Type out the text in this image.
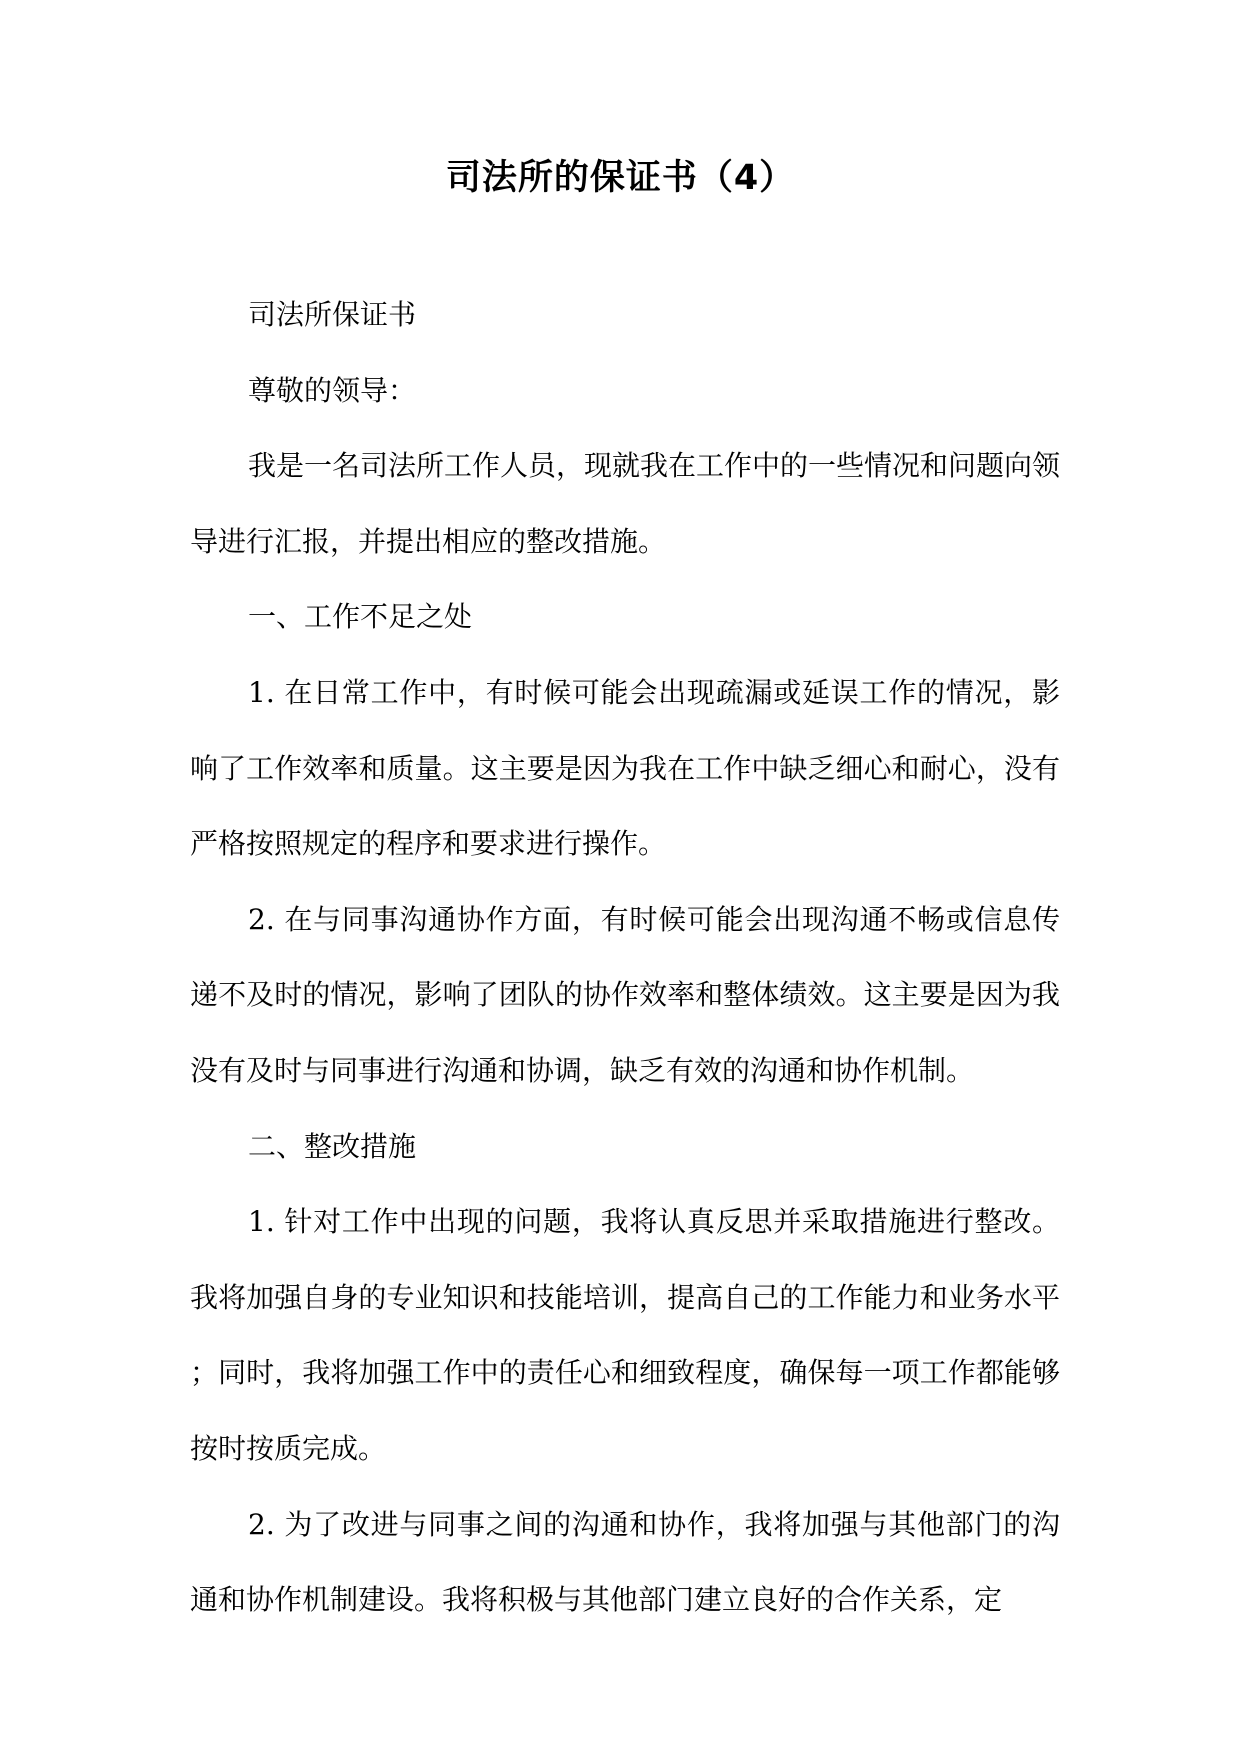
司法所的保证书（4）

司法所保证书

尊敬的领导：

我是一名司法所工作人员，现就我在工作中的一些情况和问题向领导进行汇报，并提出相应的整改措施。

一、工作不足之处

1. 在日常工作中，有时候可能会出现疏漏或延误工作的情况，影响了工作效率和质量。这主要是因为我在工作中缺乏细心和耐心，没有严格按照规定的程序和要求进行操作。

2. 在与同事沟通协作方面，有时候可能会出现沟通不畅或信息传递不及时的情况，影响了团队的协作效率和整体绩效。这主要是因为我没有及时与同事进行沟通和协调，缺乏有效的沟通和协作机制。

二、整改措施

1. 针对工作中出现的问题，我将认真反思并采取措施进行整改。我将加强自身的专业知识和技能培训，提高自己的工作能力和业务水平；同时，我将加强工作中的责任心和细致程度，确保每一项工作都能够按时按质完成。

2. 为了改进与同事之间的沟通和协作，我将加强与其他部门的沟通和协作机制建设。我将积极与其他部门建立良好的合作关系，定
